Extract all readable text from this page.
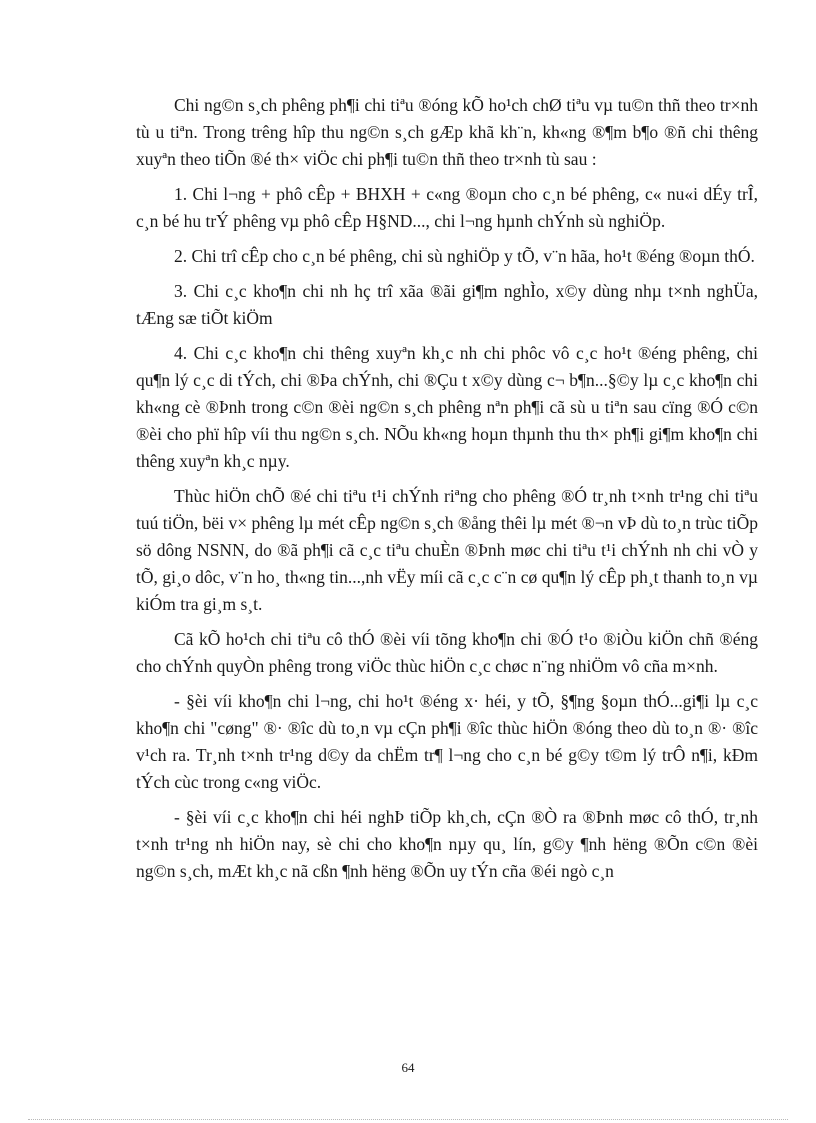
Chi ng©n s¸ch phêng ph¶i chi tiªu ®óng kÕ ho¹ch chØ tiªu vµ tu©n thñ theo tr×nh tù u tiªn. Trong trêng hîp thu ng©n s¸ch gÆp khã kh¨n, kh«ng ®¶m b¶o ®ñ chi thêng xuyªn theo tiÕn ®é th× viÖc chi ph¶i tu©n thñ theo tr×nh tù sau :

1. Chi l¬ng + phô cÊp + BHXH + c«ng ®oµn cho c¸n bé phêng, c« nu«i dÉy trÎ, c¸n bé hu trÝ phêng vµ phô cÊp H§ND..., chi l¬ng hµnh chÝnh sù nghiÖp.

2. Chi trî cÊp cho c¸n bé phêng, chi sù nghiÖp y tÕ, v¨n hãa, ho¹t ®éng ®oµn thÓ.

3. Chi c¸c kho¶n chi nh hç trî xãa ®ãi gi¶m nghÌo, x©y dùng nhµ t×nh nghÜa, tÆng sæ tiÕt kiÖm

4. Chi c¸c kho¶n chi thêng xuyªn kh¸c nh chi phôc vô c¸c ho¹t ®éng phêng, chi qu¶n lý c¸c di tÝch, chi ®Þa chÝnh, chi ®Çu t x©y dùng c¬ b¶n...§©y lµ c¸c kho¶n chi kh«ng cè ®Þnh trong c©n ®èi ng©n s¸ch phêng nªn ph¶i cã sù u tiªn sau cïng ®Ó c©n ®èi cho phï hîp víi thu ng©n s¸ch. NÕu kh«ng hoµn thµnh thu th× ph¶i gi¶m kho¶n chi thêng xuyªn kh¸c nµy.

Thùc hiÖn chÕ ®é chi tiªu t¹i chÝnh riªng cho phêng ®Ó tr¸nh t×nh tr¹ng chi tiªu tuú tiÖn, bëi v× phêng lµ mét cÊp ng©n s¸ch ®ång thêi lµ mét ®¬n vÞ dù to¸n trùc tiÕp sö dông NSNN, do ®ã ph¶i cã c¸c tiªu chuÈn ®Þnh møc chi tiªu t¹i chÝnh nh chi vÒ y tÕ, gi¸o dôc, v¨n ho¸ th«ng tin...,nh vËy míi cã c¸c c¨n cø qu¶n lý cÊp ph¸t thanh to¸n vµ kiÓm tra gi¸m s¸t.

Cã kÕ ho¹ch chi tiªu cô thÓ ®èi víi tõng kho¶n chi ®Ó t¹o ®iÒu kiÖn chñ ®éng cho chÝnh quyÒn phêng trong viÖc thùc hiÖn c¸c chøc n¨ng nhiÖm vô cña m×nh.

- §èi víi kho¶n chi l¬ng, chi ho¹t ®éng x· héi, y tÕ, §¶ng §oµn thÓ...gi¶i lµ c¸c kho¶n chi "cøng" ®· ®îc dù to¸n vµ cÇn ph¶i ®îc thùc hiÖn ®óng theo dù to¸n ®· ®îc v¹ch ra. Tr¸nh t×nh tr¹ng d©y da chËm tr¶ l¬ng cho c¸n bé g©y t©m lý trÔ n¶i, kÐm tÝch cùc trong c«ng viÖc.

- §èi víi c¸c kho¶n chi héi nghÞ tiÕp kh¸ch, cÇn ®Ò ra ®Þnh møc cô thÓ, tr¸nh t×nh tr¹ng nh hiÖn nay, sè chi cho kho¶n nµy qu¸ lín, g©y ¶nh hëng ®Õn c©n ®èi ng©n s¸ch, mÆt kh¸c nã cßn ¶nh hëng ®Õn uy tÝn cña ®éi ngò c¸n

64
